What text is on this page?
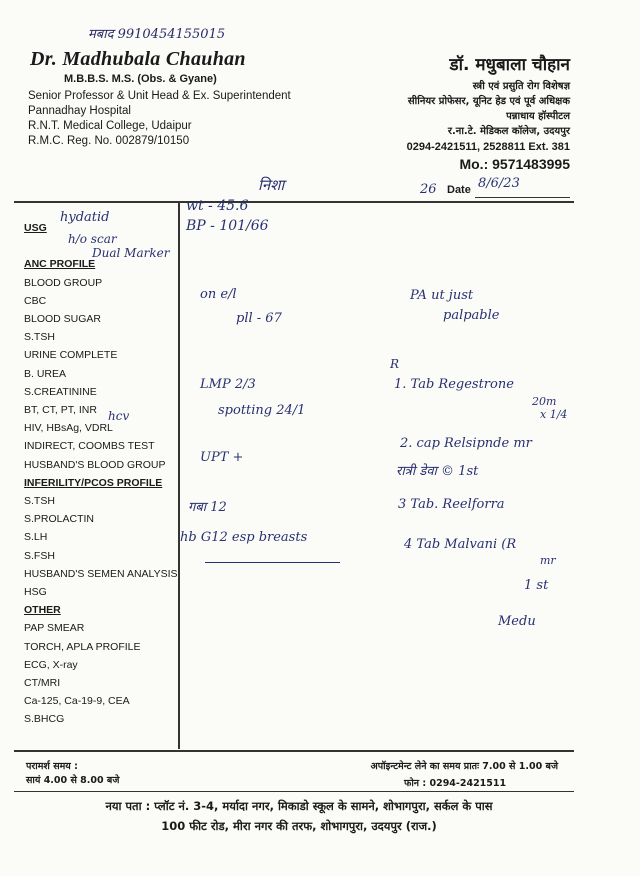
मबाद 9910454155015
Dr. Madhubala Chauhan
M.B.B.S. M.S. (Obs. & Gyane)
Senior Professor & Unit Head & Ex. Superintendent
Pannadhay Hospital
R.N.T. Medical College, Udaipur
R.M.C. Reg. No. 002879/10150
डॉ. मधुबाला चौहान
स्त्री एवं प्रसुति रोग विशेषज्ञ
सीनियर प्रोफेसर, यूनिट हेड एवं पूर्व अधिक्षक
पन्नाधाय हॉस्पीटल
र.ना.टे. मेडिकल कॉलेज, उदयपुर
0294-2421511, 2528811 Ext. 381
Mo.: 9571483995
निशा	26 Date 8/6/23
USG

ANC PROFILE
BLOOD GROUP
CBC
BLOOD SUGAR
S.TSH
URINE COMPLETE
B. UREA
S.CREATININE
BT, CT, PT, INR
HIV, HBsAg, VDRL
INDIRECT, COOMBS TEST
HUSBAND'S BLOOD GROUP
INFERILITY/PCOS PROFILE
S.TSH
S.PROLACTIN
S.LH
S.FSH
HUSBAND'S SEMEN ANALYSIS
HSG
OTHER
PAP SMEAR
TORCH, APLA PROFILE
ECG, X-ray
CT/MRI
Ca-125, Ca-19-9, CEA
S.BHCG
hydatid
h/o scar
Dual Marker
hcv
wt - 45.6
BP - 101/66
on e/l
pll - 67
PA ut just
palpable
LMP 2/3
spotting 24/1
UPT +
गबा 12
hb G12 esp breasts
R
1. Tab Regestrone
20m
x 1/4
2. cap Relsipnde mr
रात्री डेवा © 1st
3 Tab. Reelforra
4 Tab Malvani (R
mr
1 st
Medu
परामर्श समय :
सायं 4.00 से 8.00 बजे
अपॉइन्टमेन्ट लेने का समय प्रातः 7.00 से 1.00 बजे
फोन : 0294-2421511
नया पता : प्लॉट नं. 3-4, मर्यादा नगर, मिकाडो स्कूल के सामने, शोभागपुरा, सर्कल के पास
100 फीट रोड, मीरा नगर की तरफ, शोभागपुरा, उदयपुर (राज.)
